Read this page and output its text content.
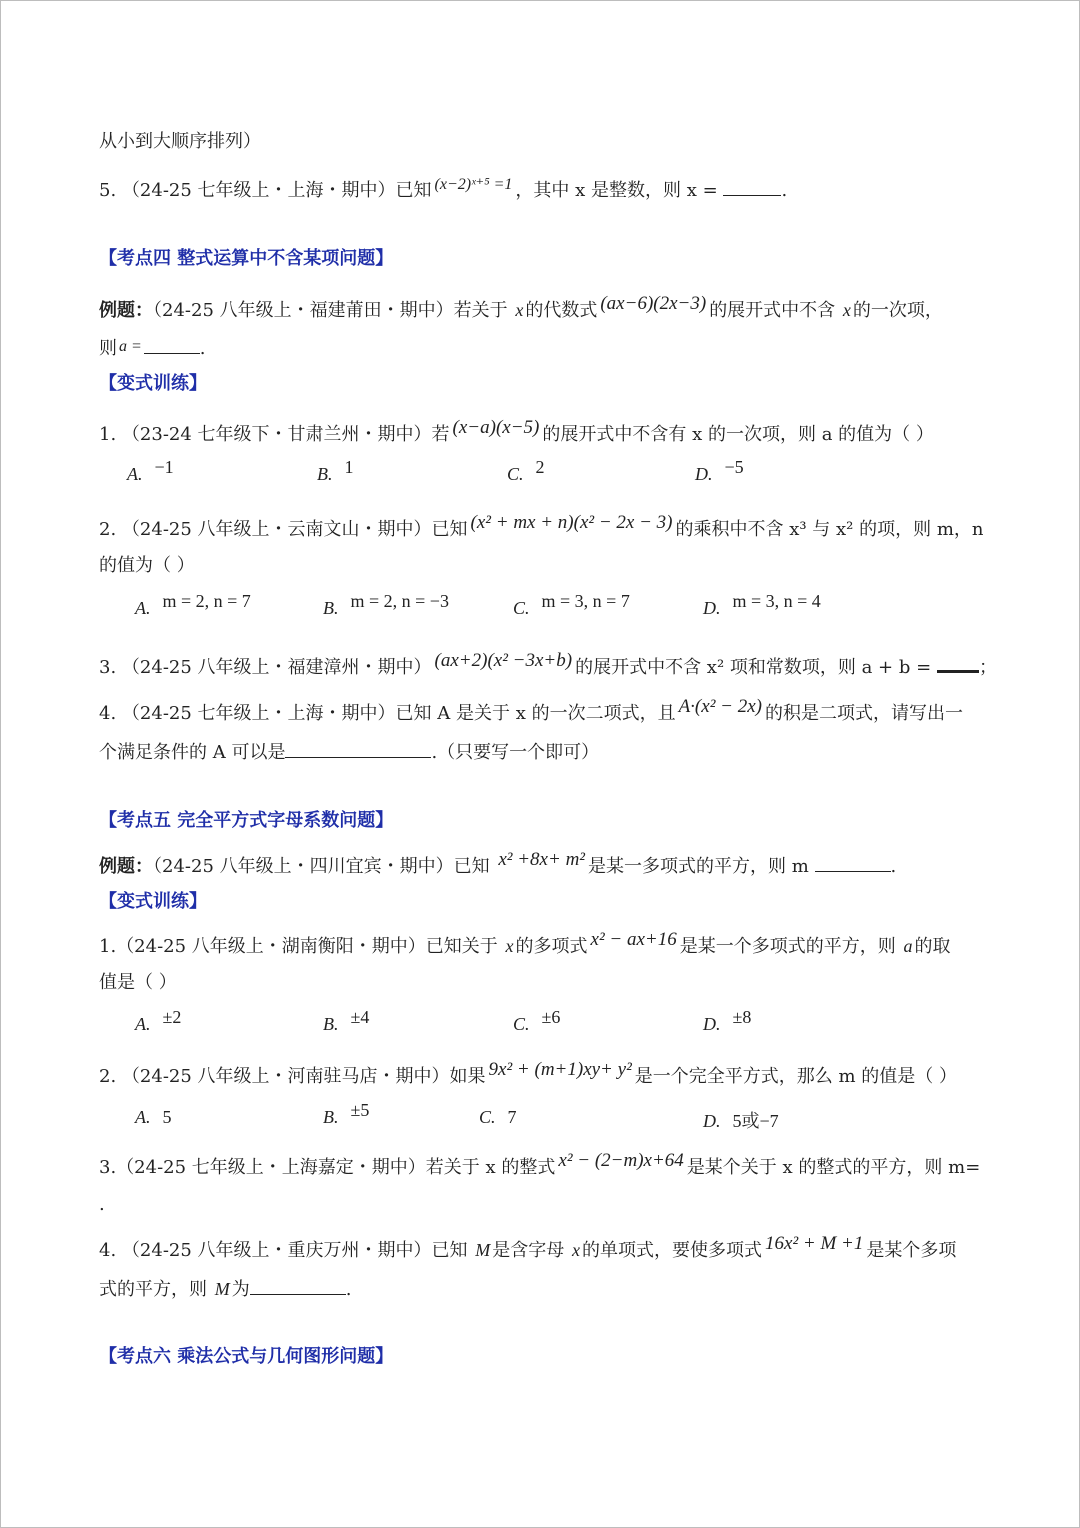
从小到大顺序排列）
5. （24-25 七年级上・上海・期中）已知 (x−2)ˣ⁺⁵ =1 ，其中 x 是整数，则 x =	.
【考点四 整式运算中不含某项问题】
例题：（24-25 八年级上・福建莆田・期中）若关于 x 的代数式 (ax−6)(2x−3) 的展开式中不含 x 的一次项，
则 a =	.
【变式训练】
1. （23-24 七年级下・甘肃兰州・期中）若 (x−a)(x−5) 的展开式中不含有 x 的一次项，则 a 的值为（ ）
A. −1	B. 1	C. 2	D. −5
2. （24-25 八年级上・云南文山・期中）已知 (x² + mx + n)(x² − 2x − 3) 的乘积中不含 x³ 与 x² 的项，则 m，n
的值为（ ）
A. m = 2, n = 7	B. m = 2, n = −3	C. m = 3, n = 7	D. m = 3, n = 4
3. （24-25 八年级上・福建漳州・期中） (ax+2)(x² −3x+b) 的展开式中不含 x² 项和常数项，则 a + b =	；
4. （24-25 七年级上・上海・期中）已知 A 是关于 x 的一次二项式，且 A·(x² − 2x) 的积是二项式，请写出一
个满足条件的 A 可以是	.（只要写一个即可）
【考点五 完全平方式字母系数问题】
例题：（24-25 八年级上・四川宜宾・期中）已知 x² +8x+ m² 是某一多项式的平方，则 m	.
【变式训练】
1.（24-25 八年级上・湖南衡阳・期中）已知关于 x 的多项式 x² − ax+16 是某一个多项式的平方，则 a 的取
值是（ ）
A. ±2	B. ±4	C. ±6	D. ±8
2. （24-25 八年级上・河南驻马店・期中）如果 9x² + (m+1)xy+ y² 是一个完全平方式，那么 m 的值是（ ）
A. 5	B. ±5	C. 7	D. 5或−7
3.（24-25 七年级上・上海嘉定・期中）若关于 x 的整式 x² − (2−m)x+64 是某个关于 x 的整式的平方，则 m=
.
4. （24-25 八年级上・重庆万州・期中）已知 M 是含字母 x 的单项式，要使多项式 16x² + M +1 是某个多项
式的平方，则 M 为	.
【考点六 乘法公式与几何图形问题】
